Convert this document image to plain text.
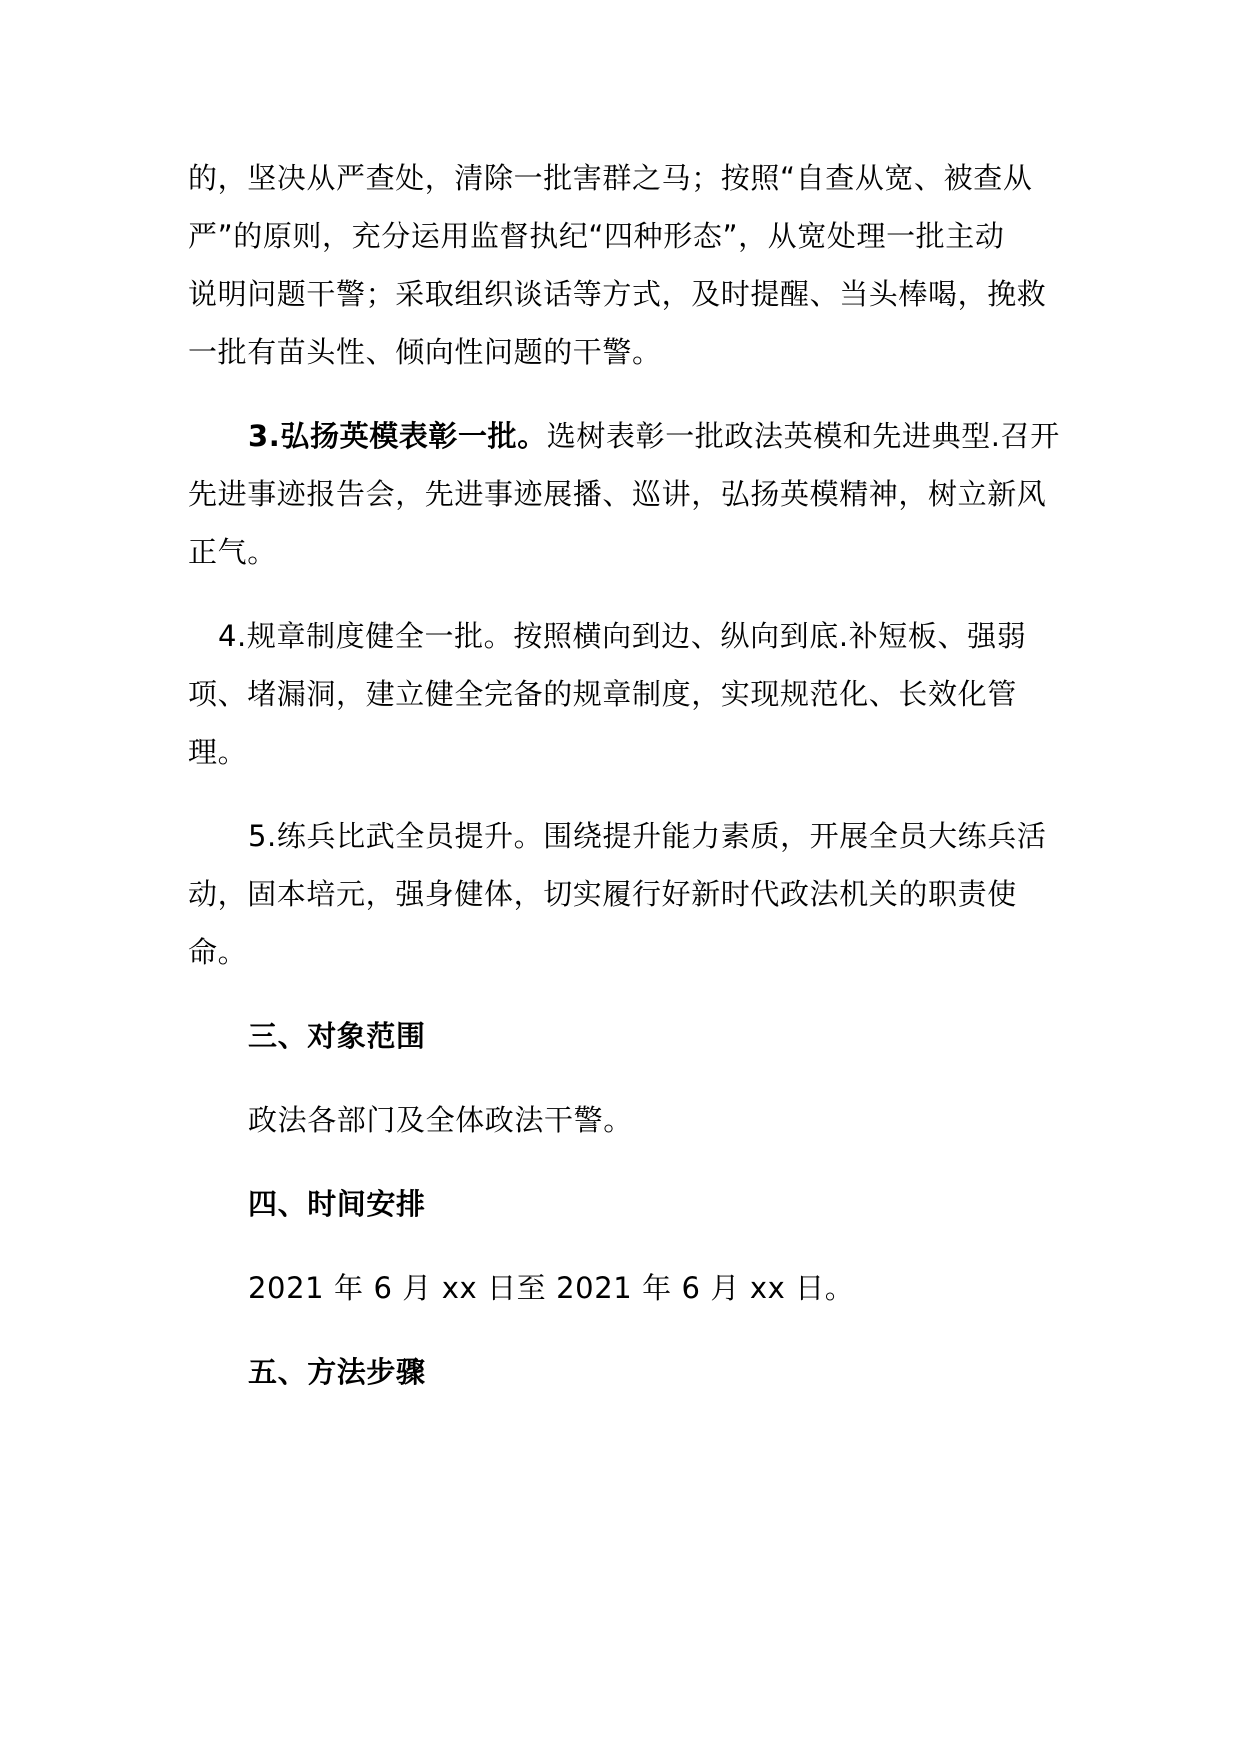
的，坚决从严查处，清除一批害群之马；按照“自查从宽、被查从
严”的原则，充分运用监督执纪“四种形态”，从宽处理一批主动
说明问题干警；采取组织谈话等方式，及时提醒、当头棒喝，挽救
一批有苗头性、倾向性问题的干警。
3.弘扬英模表彰一批。选树表彰一批政法英模和先进典型.召开
先进事迹报告会，先进事迹展播、巡讲，弘扬英模精神，树立新风
正气。
4.规章制度健全一批。按照横向到边、纵向到底.补短板、强弱
项、堵漏洞，建立健全完备的规章制度，实现规范化、长效化管
理。
5.练兵比武全员提升。围绕提升能力素质，开展全员大练兵活
动，固本培元，强身健体，切实履行好新时代政法机关的职责使
命。
三、对象范围
政法各部门及全体政法干警。
四、时间安排
2021 年 6 月 xx 日至 2021 年 6 月 xx 日。
五、方法步骤
